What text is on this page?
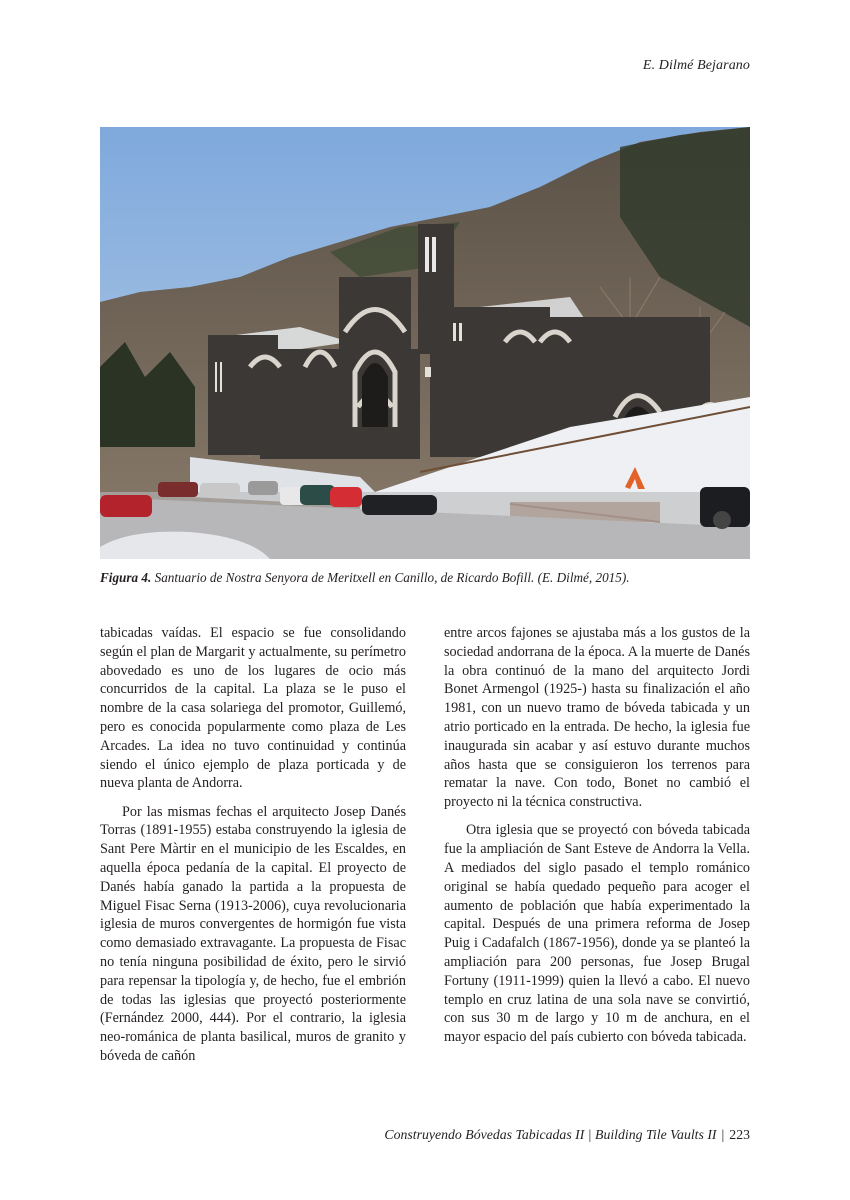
E. Dilmé Bejarano
Figura 4. Santuario de Nostra Senyora de Meritxell en Canillo, de Ricardo Bofill. (E. Dilmé, 2015).

tabicadas vaídas. El espacio se fue consolidando según el plan de Margarit y actualmente, su perímetro abovedado es uno de los lugares de ocio más concurridos de la capital. La plaza se le puso el nombre de la casa solariega del promotor, Guillemó, pero es conocida popularmente como plaza de Les Arcades. La idea no tuvo continuidad y continúa siendo el único ejemplo de plaza porticada y de nueva planta de Andorra.

Por las mismas fechas el arquitecto Josep Danés Torras (1891-1955) estaba construyendo la iglesia de Sant Pere Màrtir en el municipio de les Escaldes, en aquella época pedanía de la capital. El proyecto de Danés había ganado la partida a la propuesta de Miguel Fisac Serna (1913-2006), cuya revolucionaria iglesia de muros convergentes de hormigón fue vista como demasiado extravagante. La propuesta de Fisac no tenía ninguna posibilidad de éxito, pero le sirvió para repensar la tipología y, de hecho, fue el embrión de todas las iglesias que proyectó posteriormente (Fernández 2000, 444). Por el contrario, la iglesia neo-románica de planta basilical, muros de granito y bóveda de cañón

entre arcos fajones se ajustaba más a los gustos de la sociedad andorrana de la época. A la muerte de Danés la obra continuó de la mano del arquitecto Jordi Bonet Armengol (1925-) hasta su finalización el año 1981, con un nuevo tramo de bóveda tabicada y un atrio porticado en la entrada. De hecho, la iglesia fue inaugurada sin acabar y así estuvo durante muchos años hasta que se consiguieron los terrenos para rematar la nave. Con todo, Bonet no cambió el proyecto ni la técnica constructiva.

Otra iglesia que se proyectó con bóveda tabicada fue la ampliación de Sant Esteve de Andorra la Vella. A mediados del siglo pasado el templo románico original se había quedado pequeño para acoger el aumento de población que había experimentado la capital. Después de una primera reforma de Josep Puig i Cadafalch (1867-1956), donde ya se planteó la ampliación para 200 personas, fue Josep Brugal Fortuny (1911-1999) quien la llevó a cabo. El nuevo templo en cruz latina de una sola nave se convirtió, con sus 30 m de largo y 10 m de anchura, en el mayor espacio del país cubierto con bóveda tabicada.

Construyendo Bóvedas Tabicadas II | Building Tile Vaults II | 223
